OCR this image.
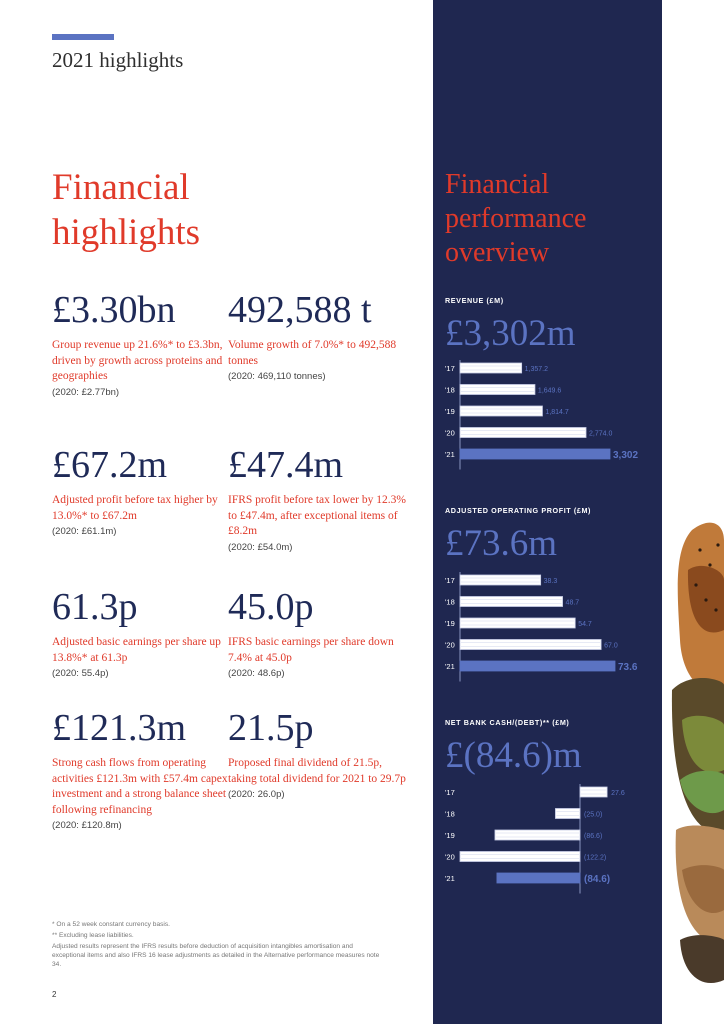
2021 highlights
Financial
highlights
£3.30bn
Group revenue up 21.6%* to £3.3bn, driven by growth across proteins and geographies
(2020: £2.77bn)
492,588 t
Volume growth of 7.0%* to 492,588 tonnes
(2020: 469,110 tonnes)
£67.2m
Adjusted profit before tax higher by 13.0%* to £67.2m
(2020: £61.1m)
£47.4m
IFRS profit before tax lower by 12.3% to £47.4m, after exceptional items of £8.2m
(2020: £54.0m)
61.3p
Adjusted basic earnings per share up 13.8%* at 61.3p
(2020: 55.4p)
45.0p
IFRS basic earnings per share down 7.4% at 45.0p
(2020: 48.6p)
£121.3m
Strong cash flows from operating activities £121.3m with £57.4m capex investment and a strong balance sheet following refinancing
(2020: £120.8m)
21.5p
Proposed final dividend of 21.5p, taking total dividend for 2021 to 29.7p
(2020: 26.0p)
* On a 52 week constant currency basis.
** Excluding lease liabilities.
Adjusted results represent the IFRS results before deduction of acquisition intangibles amortisation and exceptional items and also IFRS 16 lease adjustments as detailed in the Alternative performance measures note 34.
2
Financial performance overview
REVENUE (£M)
£3,302m
'17	1,357.2
'18	1,649.6
'19	1,814.7
'20	2,774.0
'21	3,302
ADJUSTED OPERATING PROFIT (£M)
£73.6m
'17	38.3
'18	48.7
'19	54.7
'20	67.0
'21	73.6
NET BANK CASH/(DEBT)** (£M)
£(84.6)m
'17	27.6
'18	(25.0)
'19	(86.6)
'20	(122.2)
'21	(84.6)
